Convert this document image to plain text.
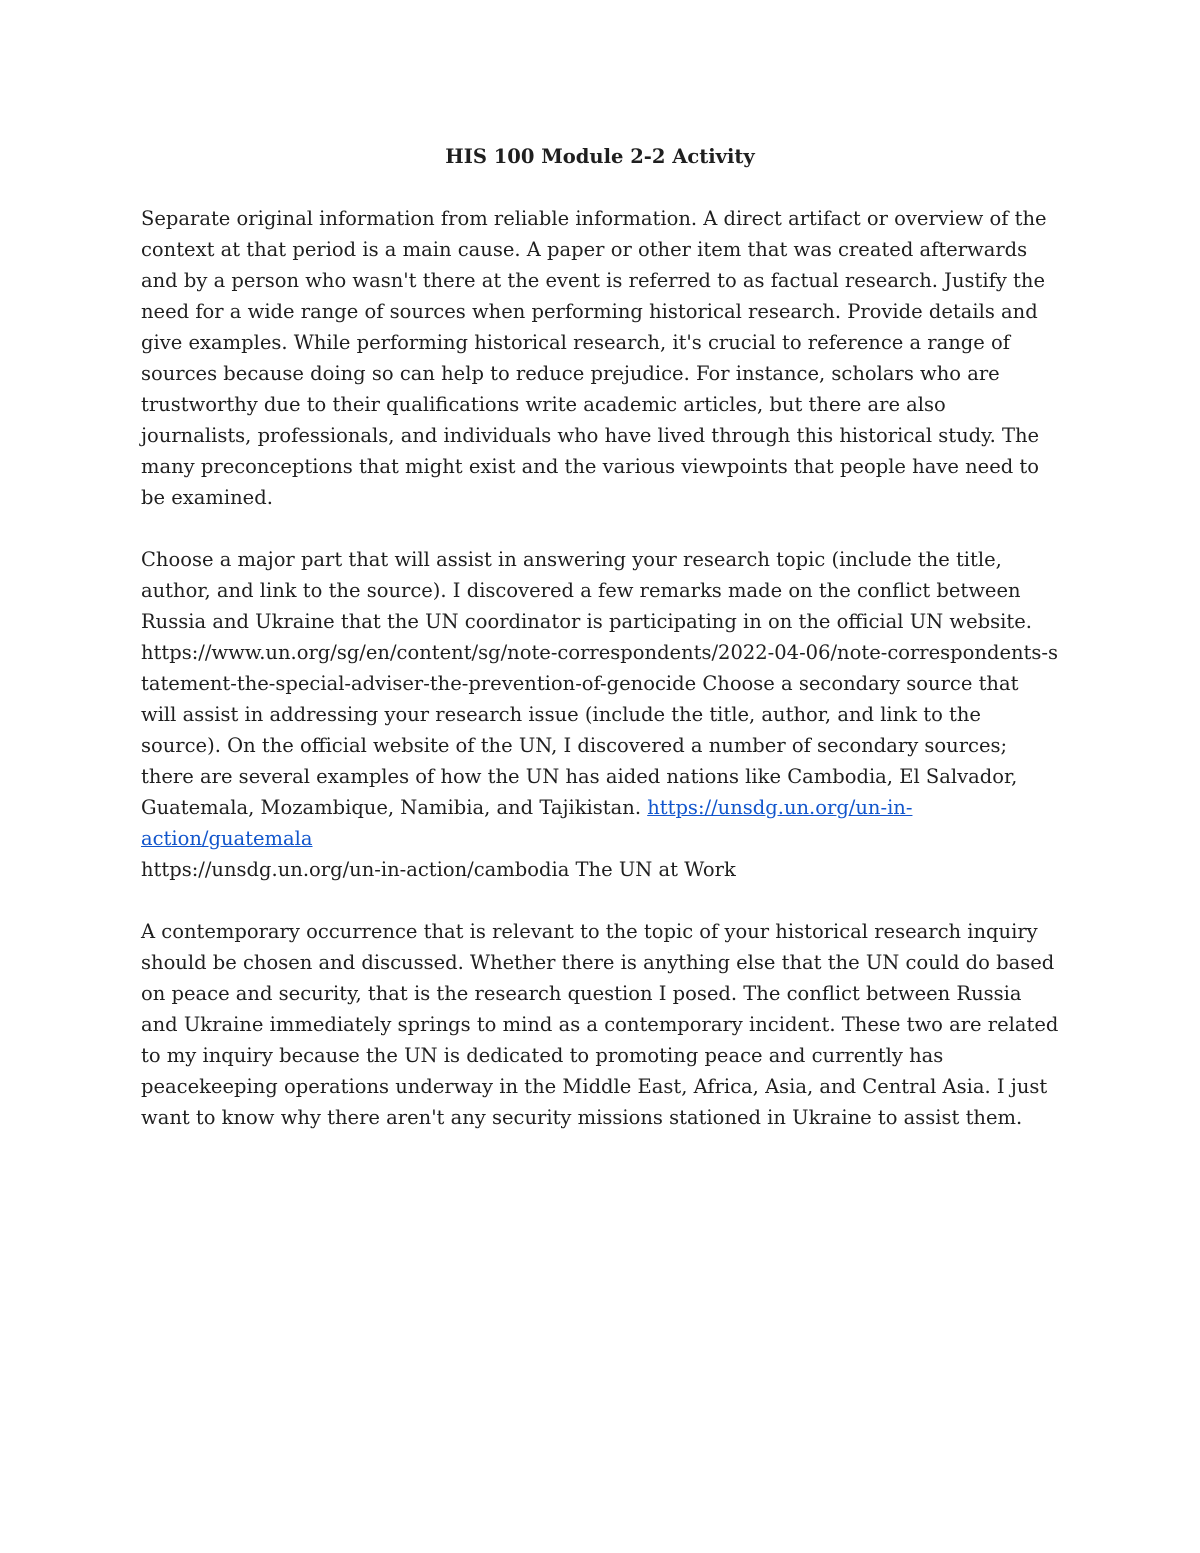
HIS 100 Module 2-2 Activity

Separate original information from reliable information. A direct artifact or overview of the context at that period is a main cause. A paper or other item that was created afterwards and by a person who wasn't there at the event is referred to as factual research. Justify the need for a wide range of sources when performing historical research. Provide details and give examples. While performing historical research, it's crucial to reference a range of sources because doing so can help to reduce prejudice. For instance, scholars who are trustworthy due to their qualifications write academic articles, but there are also journalists, professionals, and individuals who have lived through this historical study. The many preconceptions that might exist and the various viewpoints that people have need to be examined.

Choose a major part that will assist in answering your research topic (include the title, author, and link to the source). I discovered a few remarks made on the conflict between Russia and Ukraine that the UN coordinator is participating in on the official UN website.
https://www.un.org/sg/en/content/sg/note-correspondents/2022-04-06/note-correspondents-statement-the-special-adviser-the-prevention-of-genocide Choose a secondary source that will assist in addressing your research issue (include the title, author, and link to the source). On the official website of the UN, I discovered a number of secondary sources; there are several examples of how the UN has aided nations like Cambodia, El Salvador, Guatemala, Mozambique, Namibia, and Tajikistan. https://unsdg.un.org/un-in-action/guatemala
https://unsdg.un.org/un-in-action/cambodia The UN at Work

A contemporary occurrence that is relevant to the topic of your historical research inquiry should be chosen and discussed. Whether there is anything else that the UN could do based on peace and security, that is the research question I posed. The conflict between Russia and Ukraine immediately springs to mind as a contemporary incident. These two are related to my inquiry because the UN is dedicated to promoting peace and currently has peacekeeping operations underway in the Middle East, Africa, Asia, and Central Asia. I just want to know why there aren't any security missions stationed in Ukraine to assist them.
